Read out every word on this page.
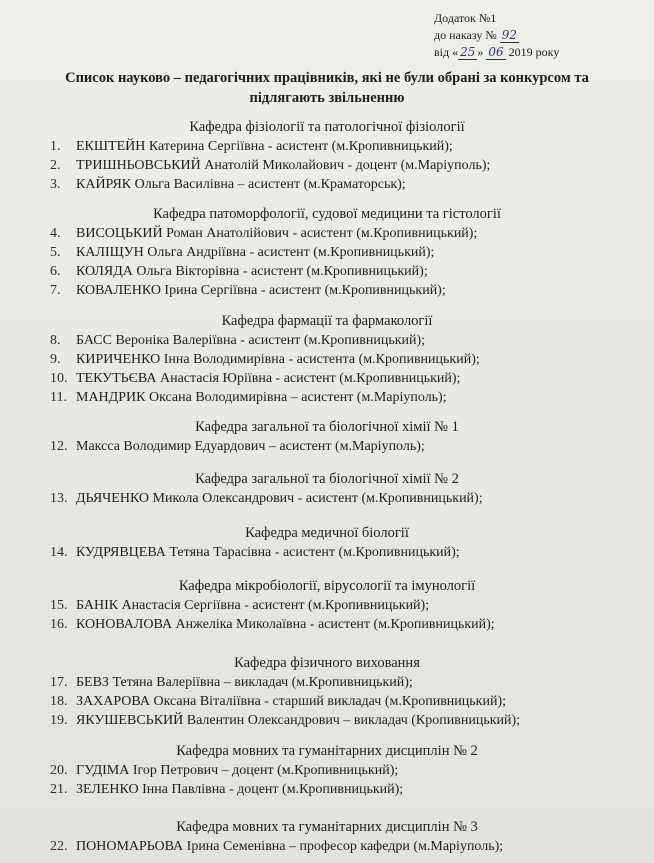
Додаток №1
до наказу № 92
від « 25 » 06 2019 року
Список науково – педагогічних працівників, які не були обрані за конкурсом та
підлягають звільненню
Кафедра фізіології та патологічної фізіології
1. ЕКШТЕЙН Катерина Сергіївна - асистент (м.Кропивницький);
2. ТРИШНЬОВСЬКИЙ Анатолій Миколайович - доцент (м.Маріуполь);
3. КАЙРЯК Ольга Василівна – асистент (м.Краматорськ);
Кафедра патоморфології, судової медицини та гістології
4. ВИСОЦЬКИЙ Роман Анатолійович - асистент (м.Кропивницький);
5. КАЛІЩУН Ольга Андріївна - асистент (м.Кропивницький);
6. КОЛЯДА Ольга Вікторівна - асистент (м.Кропивницький);
7. КОВАЛЕНКО Ірина Сергіївна - асистент (м.Кропивницький);
Кафедра фармації та фармакології
8. БАСС Вероніка Валеріївна - асистент (м.Кропивницький);
9. КИРИЧЕНКО Інна Володимирівна - асистента (м.Кропивницький);
10. ТЕКУТЬЄВА Анастасія Юріївна - асистент (м.Кропивницький);
11. МАНДРИК Оксана Володимирівна – асистент (м.Маріуполь);
Кафедра загальної та біологічної хімії № 1
12. Максса Володимир Едуардович – асистент (м.Маріуполь);
Кафедра загальної та біологічної хімії № 2
13. ДЬЯЧЕНКО Микола Олександрович - асистент (м.Кропивницький);
Кафедра медичної біології
14. КУДРЯВЦЕВА Тетяна Тарасівна - асистент (м.Кропивницький);
Кафедра мікробіології, вірусології та імунології
15. БАНІК Анастасія Сергіївна - асистент (м.Кропивницький);
16. КОНОВАЛОВА Анжеліка Миколаївна - асистент (м.Кропивницький);
Кафедра фізичного виховання
17. БЕВЗ Тетяна Валеріївна – викладач (м.Кропивницький);
18. ЗАХАРОВА Оксана Віталіївна - старший викладач (м.Кропивницький);
19. ЯКУШЕВСЬКИЙ Валентин Олександрович – викладач (Кропивницький);
Кафедра мовних та гуманітарних дисциплін № 2
20. ГУДІМА Ігор Петрович – доцент (м.Кропивницький);
21. ЗЕЛЕНКО Інна Павлівна - доцент (м.Кропивницький);
Кафедра мовних та гуманітарних дисциплін № 3
22. ПОНОМАРЬОВА Ірина Семенівна – професор кафедри (м.Маріуполь);
